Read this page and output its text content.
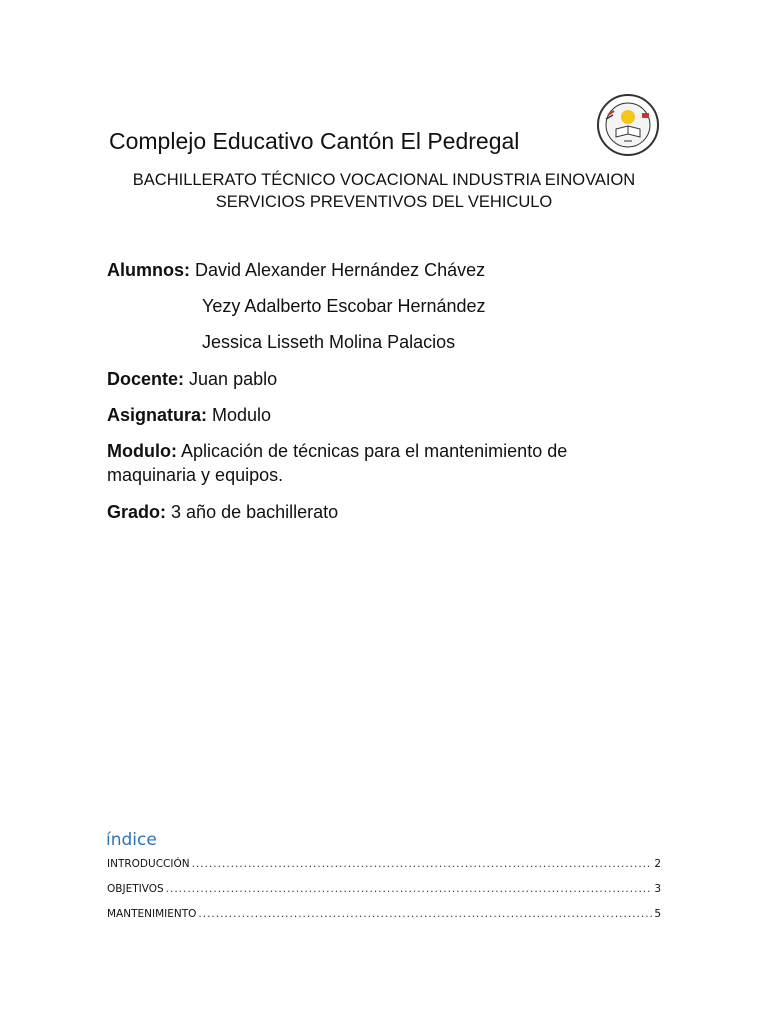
Complejo Educativo Cantón El Pedregal
BACHILLERATO TÉCNICO VOCACIONAL INDUSTRIA EINOVAION
SERVICIOS PREVENTIVOS DEL VEHICULO
Alumnos: David Alexander Hernández Chávez
Yezy Adalberto Escobar Hernández
Jessica Lisseth Molina Palacios
Docente: Juan pablo
Asignatura: Modulo
Modulo: Aplicación de técnicas para el mantenimiento de maquinaria y equipos.
Grado: 3 año de bachillerato
índice
INTRODUCCIÓN .....	2
OBJETIVOS .....	3
MANTENIMIENTO .....	5
